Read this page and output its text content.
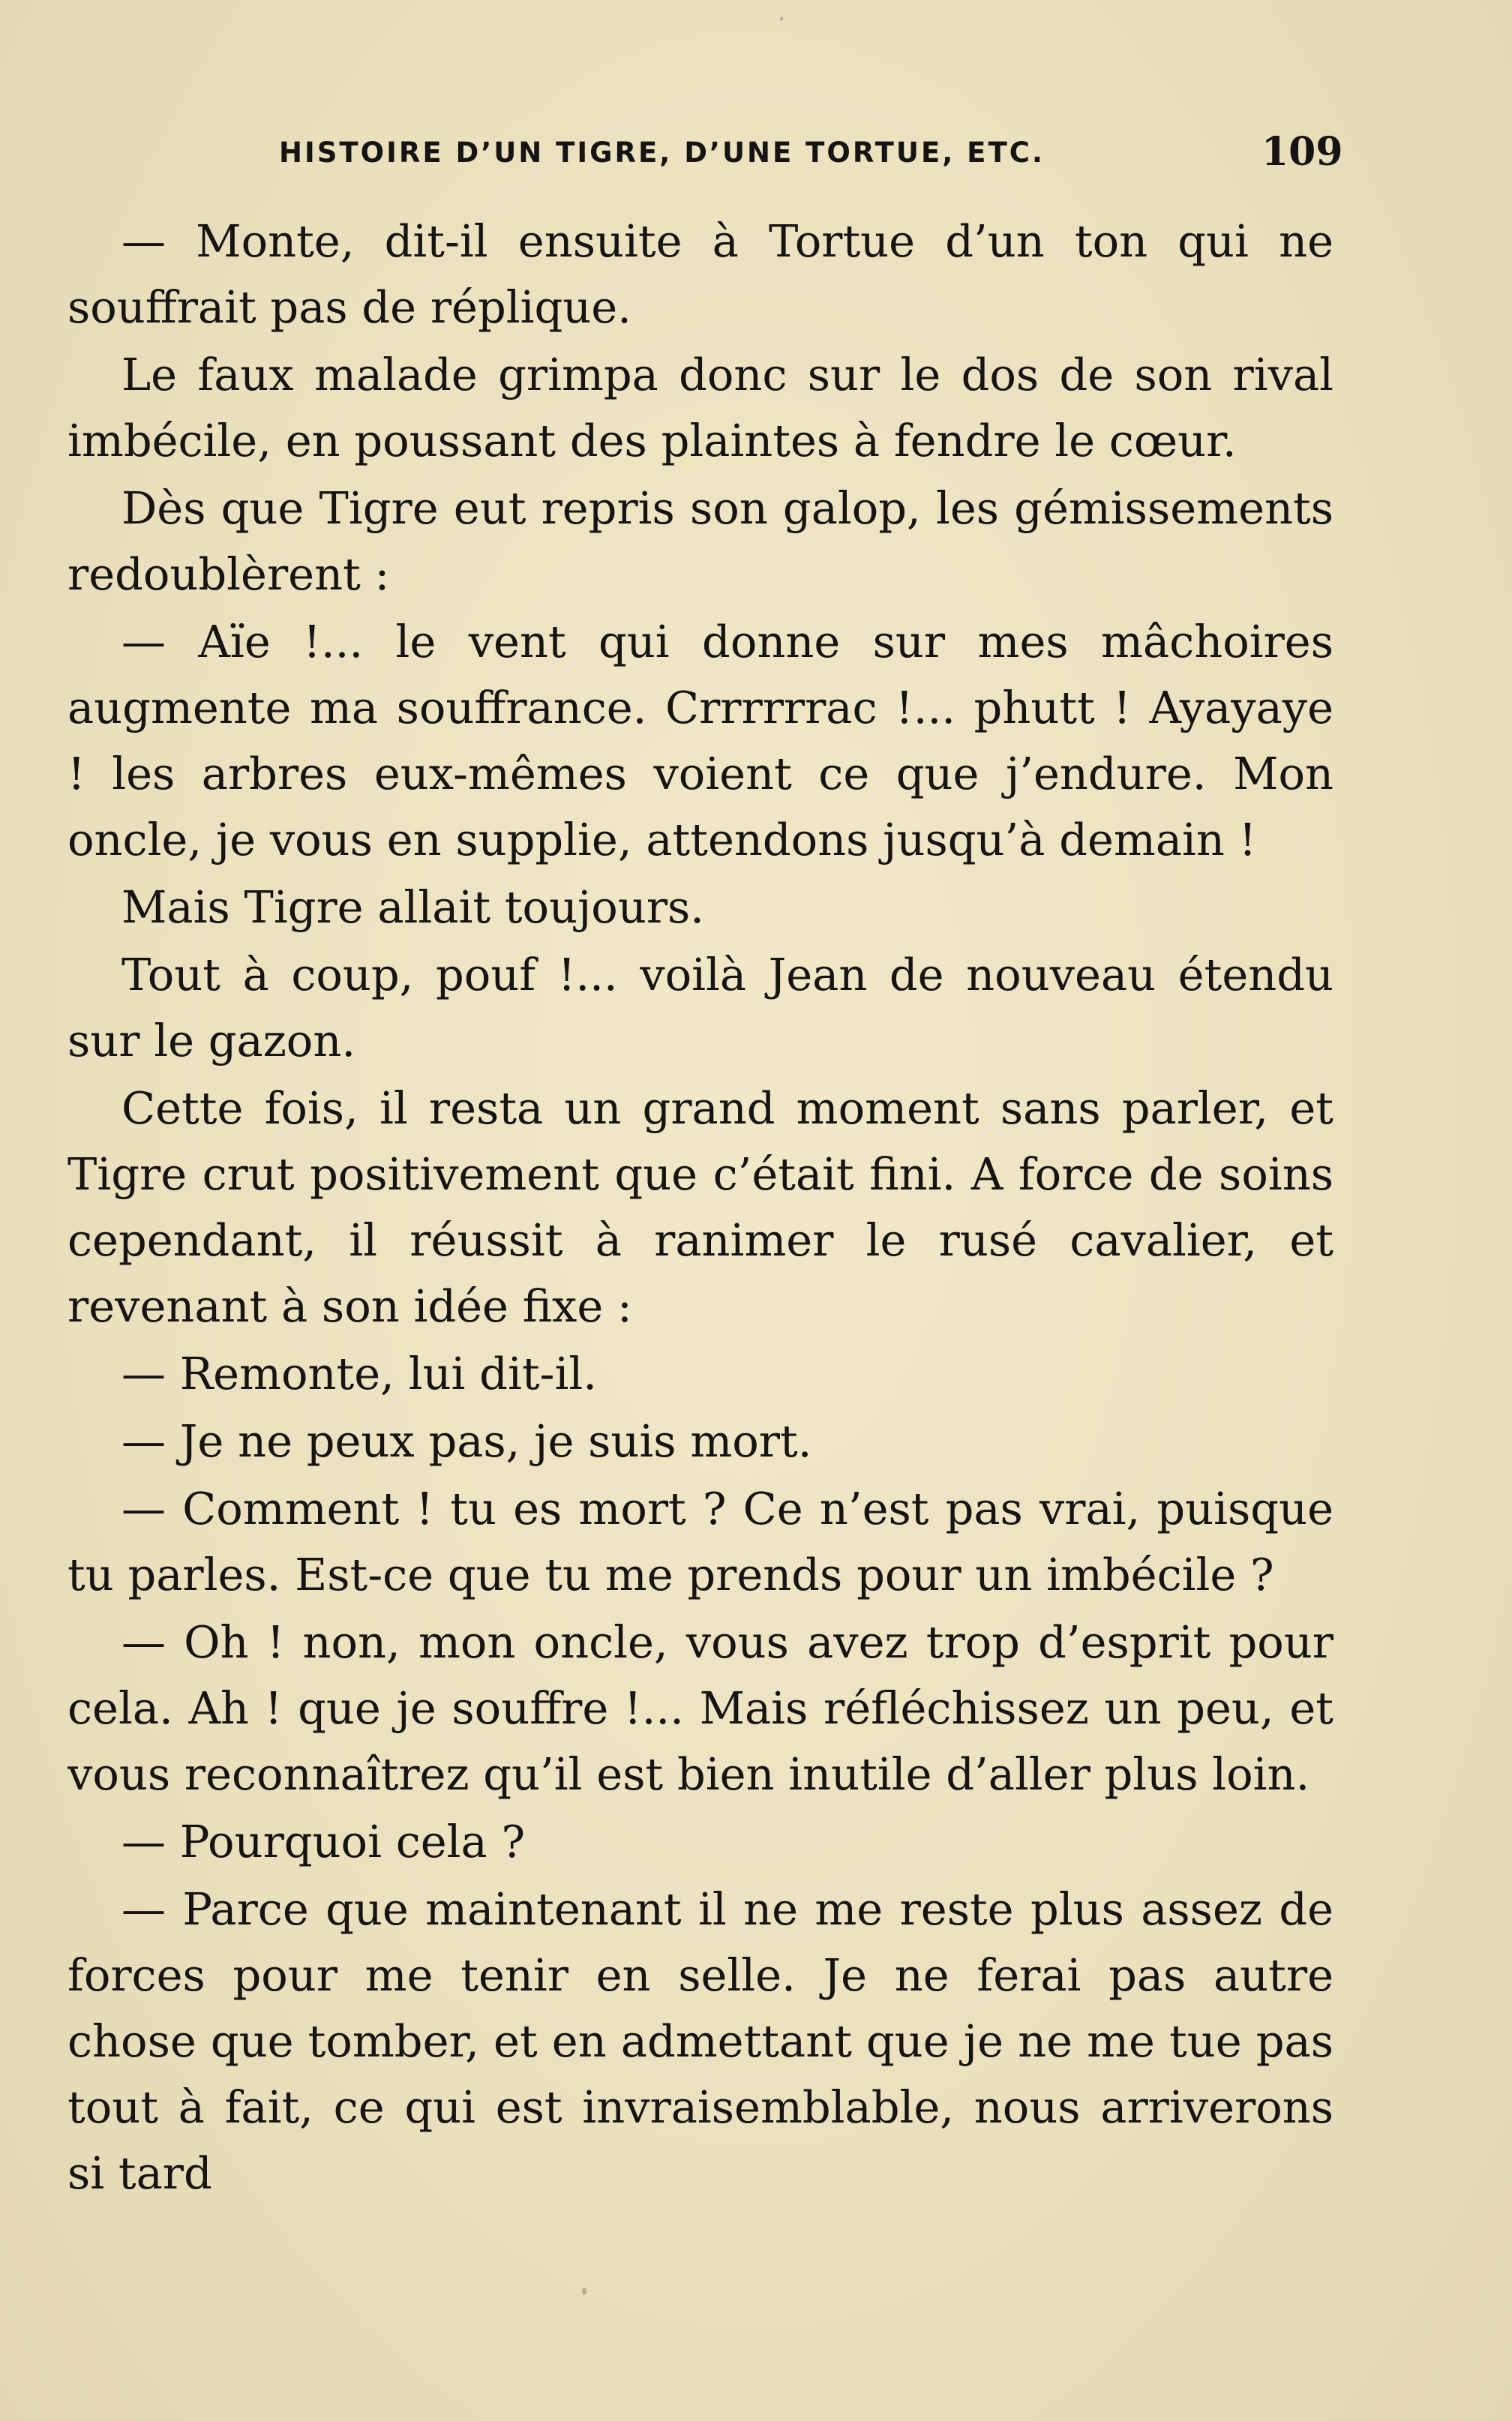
HISTOIRE D’UN TIGRE, D’UNE TORTUE, ETC.	109

— Monte, dit-il ensuite à Tortue d’un ton qui ne souffrait pas de réplique.

Le faux malade grimpa donc sur le dos de son rival imbécile, en poussant des plaintes à fendre le cœur.

Dès que Tigre eut repris son galop, les gémissements redoublèrent :

— Aïe !... le vent qui donne sur mes mâchoires augmente ma souffrance. Crrrrrrac !... phutt ! Ayayaye ! les arbres eux-mêmes voient ce que j’endure. Mon oncle, je vous en supplie, attendons jusqu’à demain !

Mais Tigre allait toujours.

Tout à coup, pouf !... voilà Jean de nouveau étendu sur le gazon.

Cette fois, il resta un grand moment sans parler, et Tigre crut positivement que c’était fini. A force de soins cependant, il réussit à ranimer le rusé cavalier, et revenant à son idée fixe :

— Remonte, lui dit-il.

— Je ne peux pas, je suis mort.

— Comment ! tu es mort ? Ce n’est pas vrai, puisque tu parles. Est-ce que tu me prends pour un imbécile ?

— Oh ! non, mon oncle, vous avez trop d’esprit pour cela. Ah ! que je souffre !... Mais réfléchissez un peu, et vous reconnaîtrez qu’il est bien inutile d’aller plus loin.

— Pourquoi cela ?

— Parce que maintenant il ne me reste plus assez de forces pour me tenir en selle. Je ne ferai pas autre chose que tomber, et en admettant que je ne me tue pas tout à fait, ce qui est invraisemblable, nous arriverons si tard
